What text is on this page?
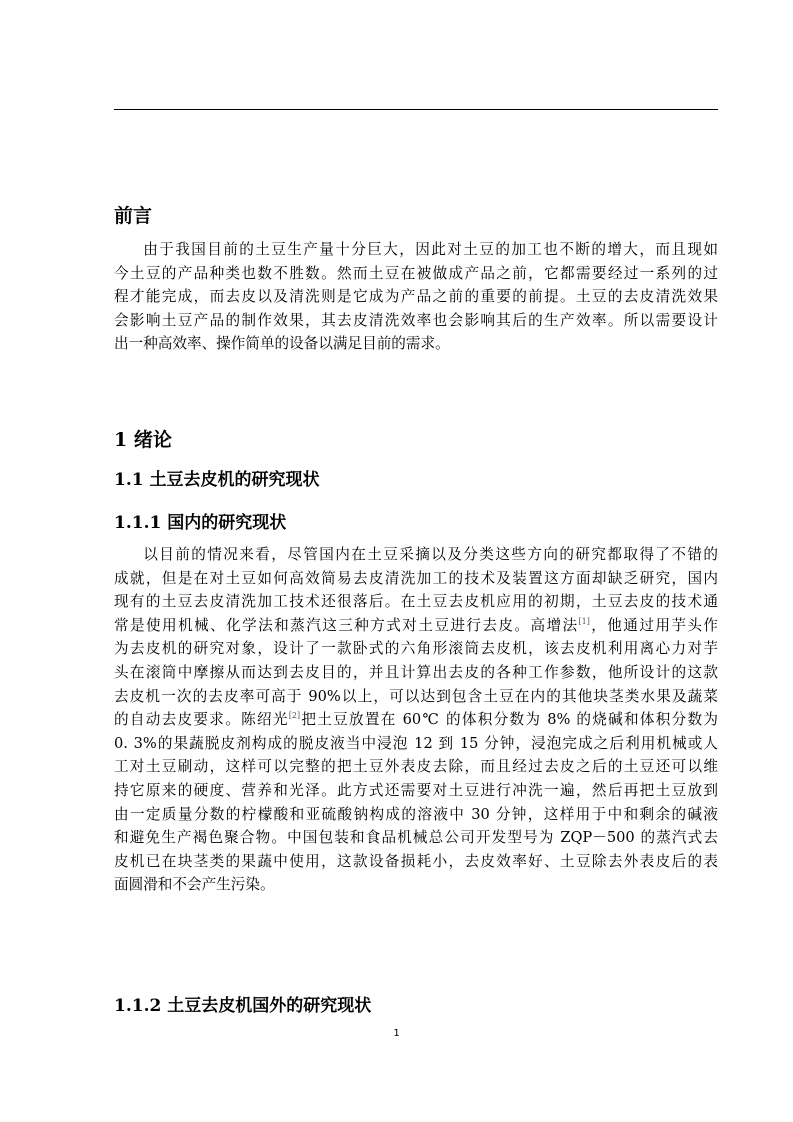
前言
由于我国目前的土豆生产量十分巨大，因此对土豆的加工也不断的增大，而且现如
今土豆的产品种类也数不胜数。然而土豆在被做成产品之前，它都需要经过一系列的过
程才能完成，而去皮以及清洗则是它成为产品之前的重要的前提。土豆的去皮清洗效果
会影响土豆产品的制作效果，其去皮清洗效率也会影响其后的生产效率。所以需要设计
出一种高效率、操作简单的设备以满足目前的需求。
1 绪论
1.1 土豆去皮机的研究现状
1.1.1 国内的研究现状
以目前的情况来看，尽管国内在土豆采摘以及分类这些方向的研究都取得了不错的
成就，但是在对土豆如何高效简易去皮清洗加工的技术及装置这方面却缺乏研究，国内
现有的土豆去皮清洗加工技术还很落后。在土豆去皮机应用的初期，土豆去皮的技术通
常是使用机械、化学法和蒸汽这三种方式对土豆进行去皮。高增法[1]，他通过用芋头作
为去皮机的研究对象，设计了一款卧式的六角形滚筒去皮机，该去皮机利用离心力对芋
头在滚筒中摩擦从而达到去皮目的，并且计算出去皮的各种工作参数，他所设计的这款
去皮机一次的去皮率可高于 90%以上，可以达到包含土豆在内的其他块茎类水果及蔬菜
的自动去皮要求。陈绍光[2]把土豆放置在 60℃ 的体积分数为 8% 的烧碱和体积分数为
0. 3%的果蔬脱皮剂构成的脱皮液当中浸泡 12 到 15 分钟，浸泡完成之后利用机械或人
工对土豆刷动，这样可以完整的把土豆外表皮去除，而且经过去皮之后的土豆还可以维
持它原来的硬度、营养和光泽。此方式还需要对土豆进行冲洗一遍，然后再把土豆放到
由一定质量分数的柠檬酸和亚硫酸钠构成的溶液中 30 分钟，这样用于中和剩余的碱液
和避免生产褐色聚合物。中国包装和食品机械总公司开发型号为 ZQP－500 的蒸汽式去
皮机已在块茎类的果蔬中使用，这款设备损耗小，去皮效率好、土豆除去外表皮后的表
面圆滑和不会产生污染。
1.1.2 土豆去皮机国外的研究现状
1
